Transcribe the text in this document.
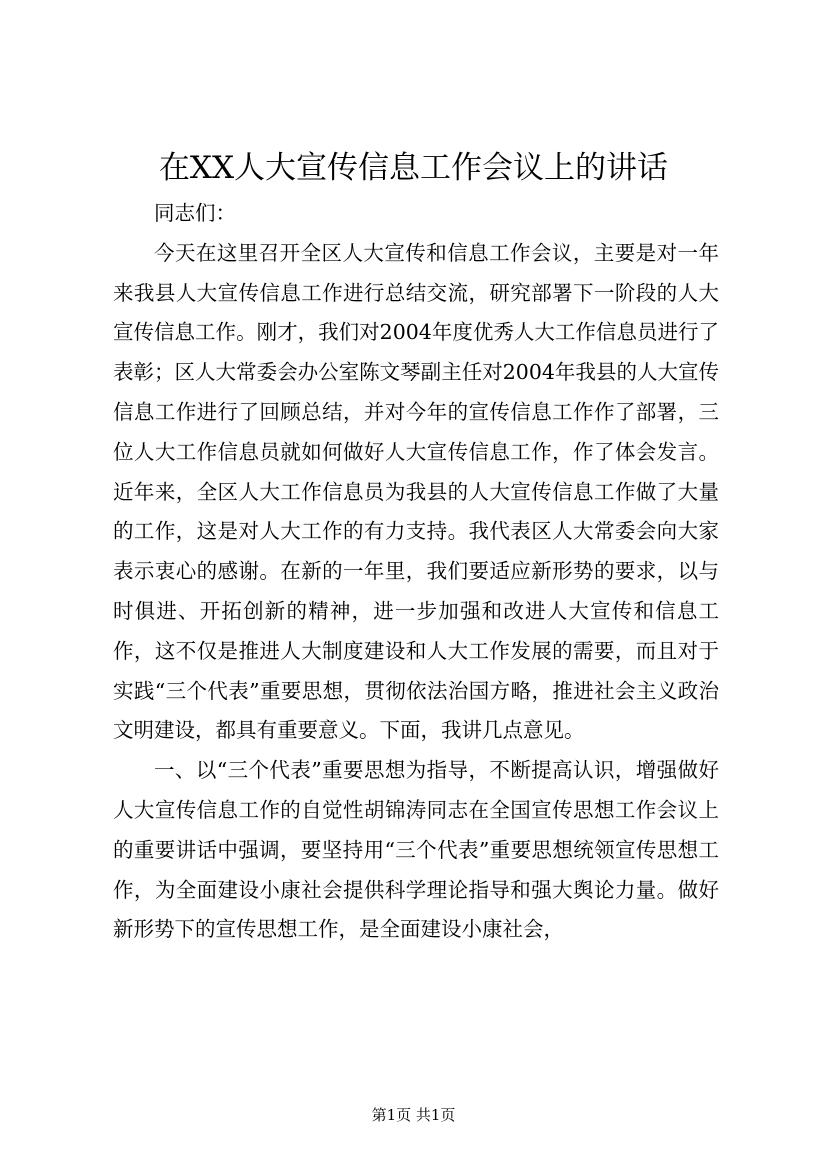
在XX人大宣传信息工作会议上的讲话

同志们：

今天在这里召开全区人大宣传和信息工作会议，主要是对一年来我县人大宣传信息工作进行总结交流，研究部署下一阶段的人大宣传信息工作。刚才，我们对2004年度优秀人大工作信息员进行了表彰；区人大常委会办公室陈文琴副主任对2004年我县的人大宣传信息工作进行了回顾总结，并对今年的宣传信息工作作了部署，三位人大工作信息员就如何做好人大宣传信息工作，作了体会发言。近年来，全区人大工作信息员为我县的人大宣传信息工作做了大量的工作，这是对人大工作的有力支持。我代表区人大常委会向大家表示衷心的感谢。在新的一年里，我们要适应新形势的要求，以与时俱进、开拓创新的精神，进一步加强和改进人大宣传和信息工作，这不仅是推进人大制度建设和人大工作发展的需要，而且对于实践“三个代表”重要思想，贯彻依法治国方略，推进社会主义政治文明建设，都具有重要意义。下面，我讲几点意见。

一、以“三个代表”重要思想为指导，不断提高认识，增强做好人大宣传信息工作的自觉性胡锦涛同志在全国宣传思想工作会议上的重要讲话中强调，要坚持用“三个代表”重要思想统领宣传思想工作，为全面建设小康社会提供科学理论指导和强大舆论力量。做好新形势下的宣传思想工作，是全面建设小康社会，

第1页 共1页
